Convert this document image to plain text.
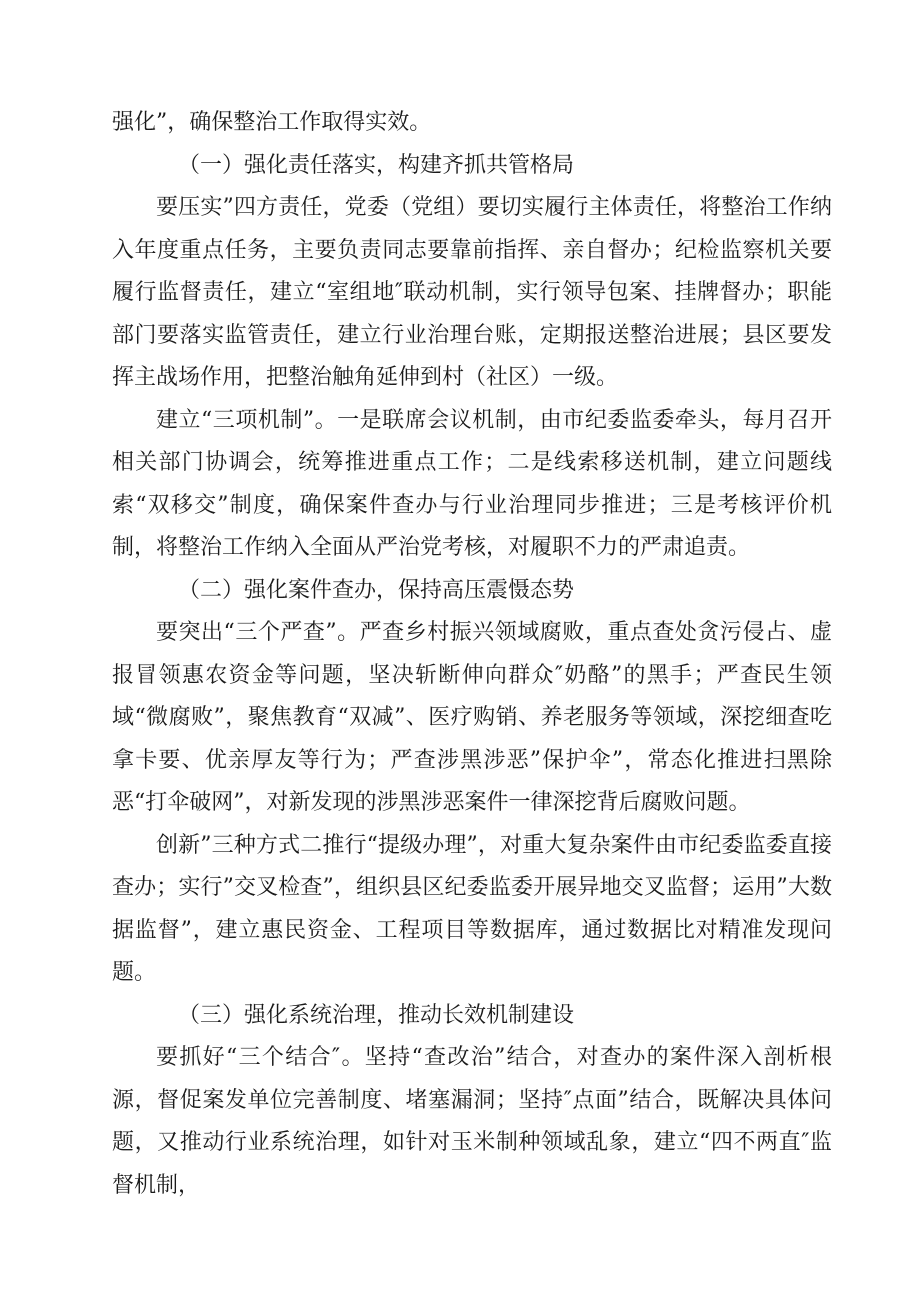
强化”，确保整治工作取得实效。

（一）强化责任落实，构建齐抓共管格局

要压实”四方责任，党委（党组）要切实履行主体责任，将整治工作纳入年度重点任务，主要负责同志要靠前指挥、亲自督办；纪检监察机关要履行监督责任，建立“室组地″联动机制，实行领导包案、挂牌督办；职能部门要落实监管责任，建立行业治理台账，定期报送整治进展；县区要发挥主战场作用，把整治触角延伸到村（社区）一级。

建立“三项机制”。一是联席会议机制，由市纪委监委牵头，每月召开相关部门协调会，统筹推进重点工作；二是线索移送机制，建立问题线索“双移交”制度，确保案件查办与行业治理同步推进；三是考核评价机制，将整治工作纳入全面从严治党考核，对履职不力的严肃追责。

（二）强化案件查办，保持高压震慑态势

要突出“三个严查”。严查乡村振兴领域腐败，重点查处贪污侵占、虚报冒领惠农资金等问题，坚决斩断伸向群众″奶酪”的黑手；严查民生领域“微腐败”，聚焦教育“双减”、医疗购销、养老服务等领域，深挖细查吃拿卡要、优亲厚友等行为；严查涉黑涉恶”保护伞”，常态化推进扫黑除恶“打伞破网”，对新发现的涉黑涉恶案件一律深挖背后腐败问题。

创新”三种方式二推行“提级办理”，对重大复杂案件由市纪委监委直接查办；实行”交叉检查”，组织县区纪委监委开展异地交叉监督；运用”大数据监督”，建立惠民资金、工程项目等数据库，通过数据比对精准发现问题。

（三）强化系统治理，推动长效机制建设

要抓好“三个结合″。坚持“查改治”结合，对查办的案件深入剖析根源，督促案发单位完善制度、堵塞漏洞；坚持″点面”结合，既解决具体问题，又推动行业系统治理，如针对玉米制种领域乱象，建立“四不两直″监督机制，
